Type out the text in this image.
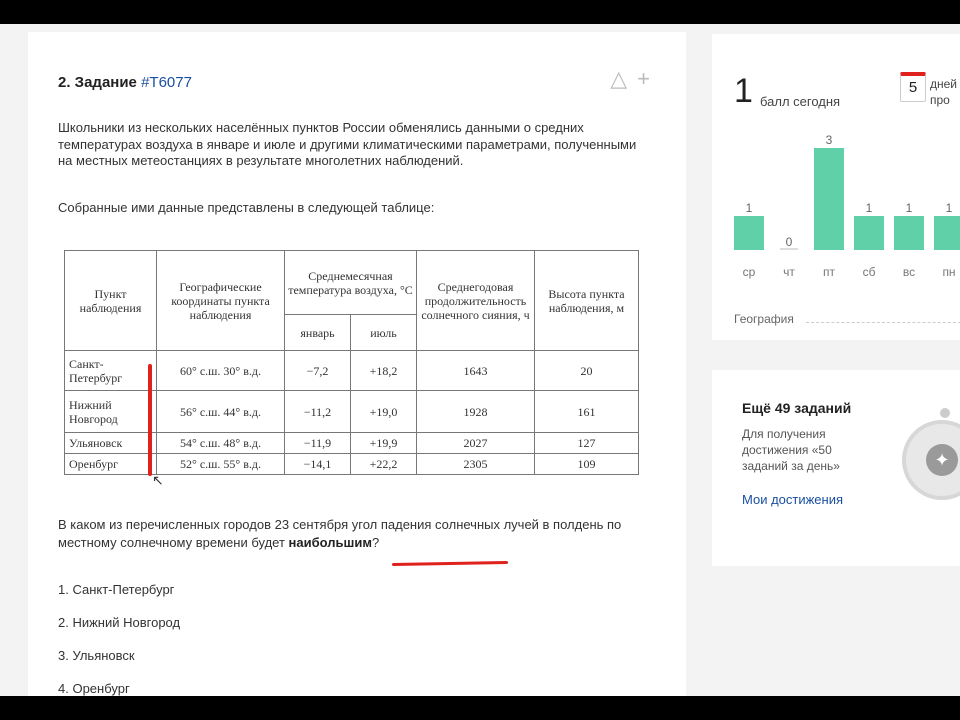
2. Задание #T6077	△ +
Школьники из нескольких населённых пунктов России обменялись данными о средних температурах воздуха в январе и июле и другими климатическими параметрами, полученными на местных метеостанциях в результате многолетних наблюдений.
Собранные ими данные представлены в следующей таблице:
Пункт наблюдения	Географические координаты пункта наблюдения	Среднемесячная температура воздуха, °С		Среднегодовая продолжительность солнечного сияния, ч	Высота пункта наблюдения, м
		январь	июль		
Санкт-Петербург	60° с.ш. 30° в.д.	−7,2	+18,2	1643	20
Нижний Новгород	56° с.ш. 44° в.д.	−11,2	+19,0	1928	161
Ульяновск	54° с.ш. 48° в.д.	−11,9	+19,9	2027	127
Оренбург	52° с.ш. 55° в.д.	−14,1	+22,2	2305	109
↖
В каком из перечисленных городов 23 сентября угол падения солнечных лучей в полдень по местному солнечному времени будет наибольшим?
1. Санкт-Петербург
2. Нижний Новгород
3. Ульяновск
4. Оренбург
1 балл сегодня
5	дней
про
География
1
ср
0
чт
3
пт
1
сб
1
вс
1
пн
Ещё 49 заданий
Для получения достижения «50 заданий за день»
Мои достижения
✦
